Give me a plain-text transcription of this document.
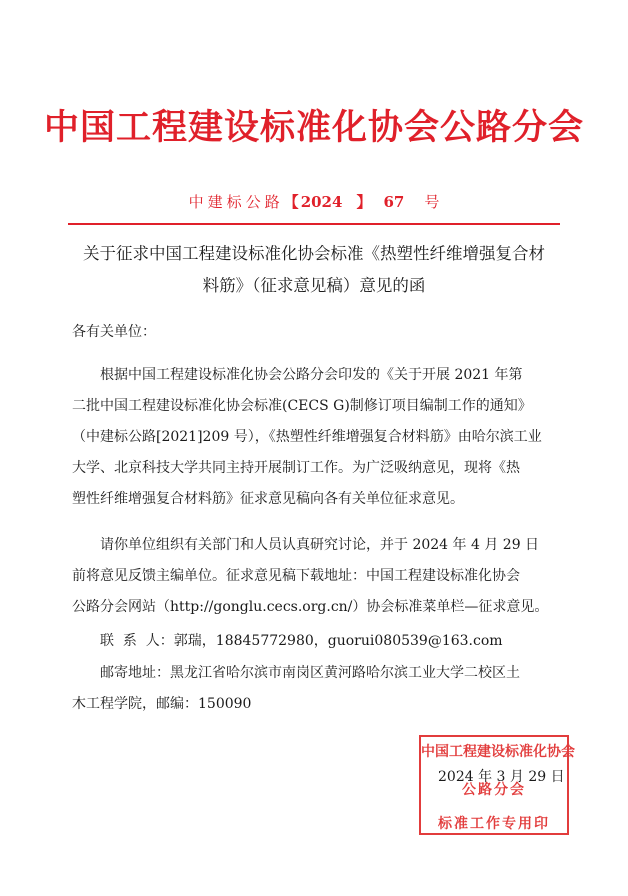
中国工程建设标准化协会公路分会
中建标公路【 2024 】 67 号
关于征求中国工程建设标准化协会标准《热塑性纤维增强复合材
料筋》（征求意见稿）意见的函
各有关单位：
根据中国工程建设标准化协会公路分会印发的《关于开展 2021 年第
二批中国工程建设标准化协会标准(CECS G)制修订项目编制工作的通知》
（中建标公路[2021]209 号），《热塑性纤维增强复合材料筋》由哈尔滨工业
大学、北京科技大学共同主持开展制订工作。为广泛吸纳意见，现将《热
塑性纤维增强复合材料筋》征求意见稿向各有关单位征求意见。
请你单位组织有关部门和人员认真研究讨论，并于 2024 年 4 月 29 日
前将意见反馈主编单位。征求意见稿下载地址：中国工程建设标准化协会
公路分会网站（http://gonglu.cecs.org.cn/）协会标准菜单栏—征求意见。
联  系  人：郭瑞，18845772980，guorui080539@163.com
邮寄地址：黑龙江省哈尔滨市南岗区黄河路哈尔滨工业大学二校区土
木工程学院，邮编：150090
中国工程建设标准化协会
公路分会
标准工作专用印
2024 年 3 月 29 日
